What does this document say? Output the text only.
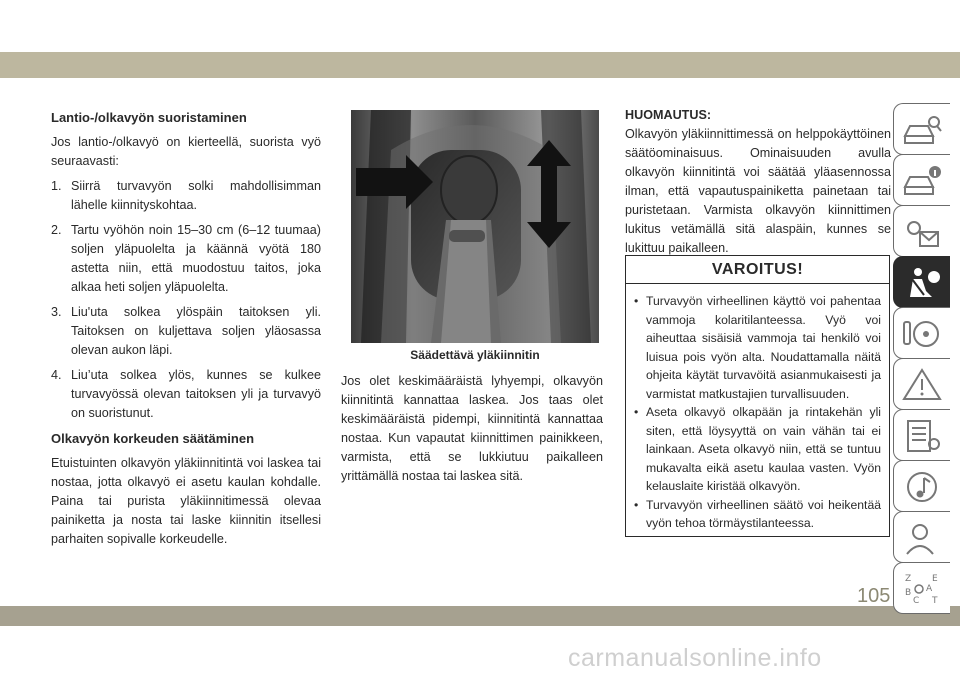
Lantio-/olkavyön suoristaminen

Jos lantio-/olkavyö on kierteellä, suorista vyö seuraavasti:

1. Siirrä turvavyön solki mahdollisimman lähelle kiinnityskohtaa.
2. Tartu vyöhön noin 15–30 cm (6–12 tuumaa) soljen yläpuolelta ja käännä vyötä 180 astetta niin, että muodostuu taitos, joka alkaa heti soljen yläpuolelta.
3. Liu'uta solkea ylöspäin taitoksen yli. Taitoksen on kuljettava soljen yläosassa olevan aukon läpi.
4. Liu’uta solkea ylös, kunnes se kulkee turvavyössä olevan taitoksen yli ja turvavyö on suoristunut.
Olkavyön korkeuden säätäminen

Etuistuinten olkavyön yläkiinnitintä voi laskea tai nostaa, jotta olkavyö ei asetu kaulan kohdalle. Paina tai purista yläkiinnitimessä olevaa painiketta ja nosta tai laske kiinnitin itsellesi parhaiten sopivalle korkeudelle.

Säädettävä yläkiinnitin

Jos olet keskimääräistä lyhyempi, olkavyön kiinnitintä kannattaa laskea. Jos taas olet keskimääräistä pidempi, kiinnitintä kannattaa nostaa. Kun vapautat kiinnittimen painikkeen, varmista, että se lukkiutuu paikalleen yrittämällä nostaa tai laskea sitä.

HUOMAUTUS:

Olkavyön yläkiinnittimessä on helppokäyttöinen säätöominaisuus. Ominaisuuden avulla olkavyön kiinnitintä voi säätää yläasennossa ilman, että vapautuspainiketta painetaan tai puristetaan. Varmista olkavyön kiinnittimen lukitus vetämällä sitä alaspäin, kunnes se lukittuu paikalleen.

VAROITUS!
• Turvavyön virheellinen käyttö voi pahentaa vammoja kolaritilanteessa. Vyö voi aiheuttaa sisäisiä vammoja tai henkilö voi luisua pois vyön alta. Noudattamalla näitä ohjeita käytät turvavöitä asianmukaisesti ja varmistat matkustajien turvallisuuden.
• Aseta olkavyö olkapään ja rintakehän yli siten, että löysyyttä on vain vähän tai ei lainkaan. Aseta olkavyö niin, että se tuntuu mukavalta eikä asetu kaulaa vasten. Vyön kelauslaite kiristää olkavyön.
• Turvavyön virheellinen säätö voi heikentää vyön tehoa törmäystilanteessa.
Z E
A
B
C T
105
carmanualsonline.info
